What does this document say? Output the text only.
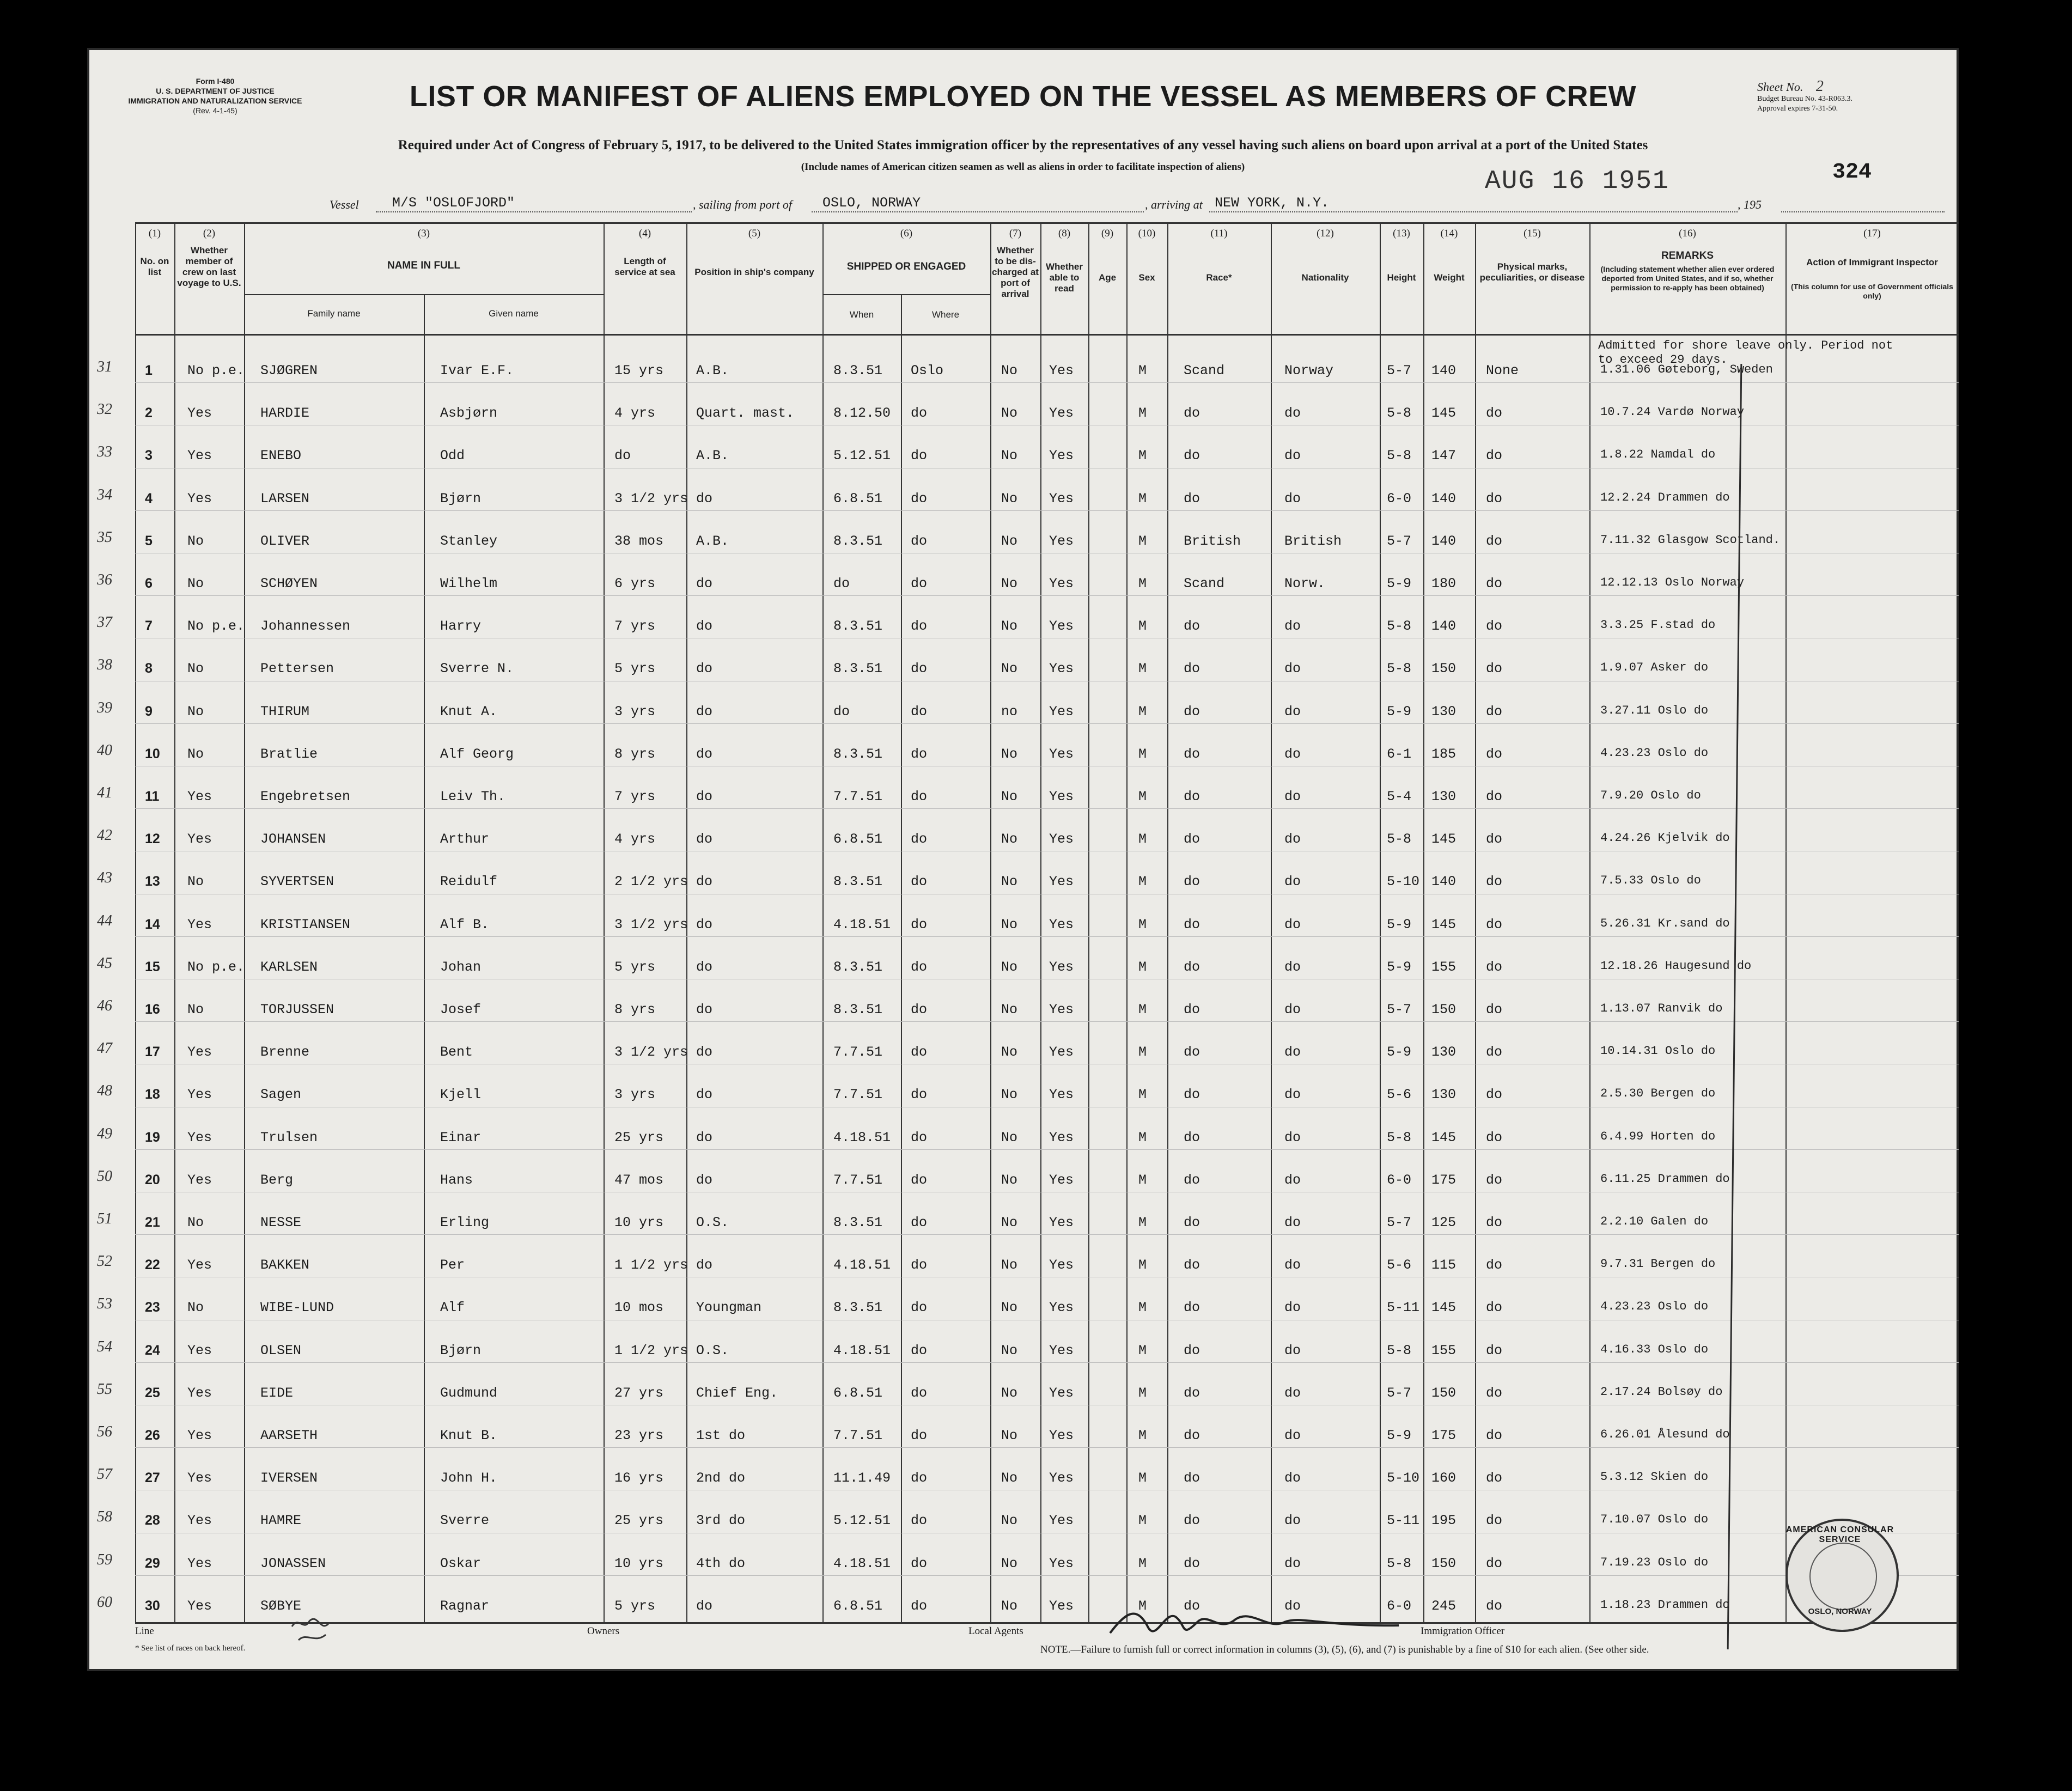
Form I-480
U. S. DEPARTMENT OF JUSTICE
IMMIGRATION AND NATURALIZATION SERVICE
(Rev. 4-1-45)	LIST OR MANIFEST OF ALIENS EMPLOYED ON THE VESSEL AS MEMBERS OF CREW	Sheet No. 2
Budget Bureau No. 43-R063.3.
Approval expires 7-31-50.
Required under Act of Congress of February 5, 1917, to be delivered to the United States immigration officer by the representatives of any vessel having such aliens on board upon arrival at a port of the United States
(Include names of American citizen seamen as well as aliens in order to facilitate inspection of aliens)	AUG 16 1951	324
Vessel M/S "OSLOFJORD"	, sailing from port of OSLO, NORWAY	, arriving at NEW YORK, N.Y.	, 195
(1)	(2)	(3)	(4)	(5)	(6)	(7)	(8)	(9)	(10)	(11)	(12)	(13)	(14)	(15)	(16)	(17)
No. on list
Whether member of crew on last voyage to U.S.
NAME IN FULL
Family name	Given name
Length of service at sea	Position in ship's company	SHIPPED OR ENGAGED
When	Where
Whether to be dis-charged at port of arrival
Whether able to read
Age	Sex	Race*	Nationality	Height	Weight
Physical marks, peculiarities, or disease
REMARKS
(Including statement whether alien ever ordered deported from United States, and if so, whether permission to re-apply has been obtained)
Action of Immigrant Inspector
(This column for use of Government officials only)
Admitted for shore leave only. Period not to exceed 29 days.
31 1	No p.e. SJØGREN	Ivar E.F.	15 yrs A.B.	8.3.51 Oslo	No Yes	M	Scand	Norway	5-7 140 None	1.31.06 Gøteborg, Sweden
32 2	Yes	HARDIE	Asbjørn	4 yrs	Quart. mast.	8.12.50 do	No Yes	M	do	do	5-8 145 do	10.7.24 Vardø Norway
33 3	Yes	ENEBO	Odd	do	A.B.	5.12.51 do	No Yes	M	do	do	5-8 147 do	1.8.22 Namdal do
34 4	Yes	LARSEN	Bjørn	3 1/2 yrs do	6.8.51 do	No Yes	M	do	do	6-0 140 do	12.2.24 Drammen do
35 5	No	OLIVER	Stanley	38 mos A.B.	8.3.51 do	No Yes	M	British	British	5-7 140 do	7.11.32 Glasgow Scotland.
36 6	No	SCHØYEN	Wilhelm	6 yrs	do	do	do	No Yes	M	Scand	Norw.	5-9 180 do	12.12.13 Oslo Norway
37 7	No p.e. Johannessen	Harry	7 yrs	do	8.3.51 do	No Yes	M	do	do	5-8 140 do	3.3.25 F.stad do
38 8	No	Pettersen	Sverre N.	5 yrs	do	8.3.51 do	No Yes	M	do	do	5-8 150 do	1.9.07 Asker do
39 9	No	THIRUM	Knut A.	3 yrs	do	do	do	no Yes	M	do	do	5-9 130 do	3.27.11 Oslo do
40 10 No	Bratlie	Alf Georg	8 yrs	do	8.3.51 do	No Yes	M	do	do	6-1 185 do	4.23.23 Oslo do
41 11 Yes	Engebretsen	Leiv Th.	7 yrs	do	7.7.51 do	No Yes	M	do	do	5-4 130 do	7.9.20 Oslo do
42 12 Yes	JOHANSEN	Arthur	4 yrs	do	6.8.51 do	No Yes	M	do	do	5-8 145 do	4.24.26 Kjelvik do
43 13 No	SYVERTSEN	Reidulf	2 1/2 yrs do	8.3.51 do	No Yes	M	do	do	5-10 140 do	7.5.33 Oslo do
44 14 Yes	KRISTIANSEN	Alf B.	3 1/2 yrs do	4.18.51 do	No Yes	M	do	do	5-9 145 do	5.26.31 Kr.sand do
45 15 No p.e. KARLSEN	Johan	5 yrs	do	8.3.51 do	No Yes	M	do	do	5-9 155 do	12.18.26 Haugesund do
46 16 No	TORJUSSEN	Josef	8 yrs	do	8.3.51 do	No Yes	M	do	do	5-7 150 do	1.13.07 Ranvik do
47 17 Yes	Brenne	Bent	3 1/2 yrs do	7.7.51 do	No Yes	M	do	do	5-9 130 do	10.14.31 Oslo do
48 18 Yes	Sagen	Kjell	3 yrs	do	7.7.51 do	No Yes	M	do	do	5-6 130 do	2.5.30 Bergen do
49 19 Yes	Trulsen	Einar	25 yrs do	4.18.51 do	No Yes	M	do	do	5-8 145 do	6.4.99 Horten do
50 20 Yes	Berg	Hans	47 mos do	7.7.51 do	No Yes	M	do	do	6-0 175 do	6.11.25 Drammen do
51 21 No	NESSE	Erling	10 yrs O.S.	8.3.51 do	No Yes	M	do	do	5-7 125 do	2.2.10 Galen do
52 22 Yes	BAKKEN	Per	1 1/2 yrs do	4.18.51 do	No Yes	M	do	do	5-6 115 do	9.7.31 Bergen do
53 23 No	WIBE-LUND	Alf	10 mos Youngman	8.3.51 do	No Yes	M	do	do	5-11 145 do	4.23.23 Oslo do
54 24 Yes	OLSEN	Bjørn	1 1/2 yrs O.S.	4.18.51 do	No Yes	M	do	do	5-8 155 do	4.16.33 Oslo do
55 25 Yes	EIDE	Gudmund	27 yrs Chief Eng.	6.8.51 do	No Yes	M	do	do	5-7 150 do	2.17.24 Bolsøy do
56 26 Yes	AARSETH	Knut B.	23 yrs 1st do	7.7.51 do	No Yes	M	do	do	5-9 175 do	6.26.01 Ålesund do
57 27 Yes	IVERSEN	John H.	16 yrs 2nd do	11.1.49 do	No Yes	M	do	do	5-10 160 do	5.3.12 Skien do
58 28 Yes	HAMRE	Sverre	25 yrs 3rd do	5.12.51 do	No Yes	M	do	do	5-11 195 do	7.10.07 Oslo do
59 29 Yes	JONASSEN	Oskar	10 yrs 4th do	4.18.51 do	No Yes	M	do	do	5-8 150 do	7.19.23 Oslo do
60 30 Yes	SØBYE	Ragnar	5 yrs	do	6.8.51 do	No Yes	M	do	do	6-0 245 do	1.18.23 Drammen do
Line	Owners	Local Agents	Immigration Officer
* See list of races on back hereof.	NOTE.—Failure to furnish full or correct information in columns (3), (5), (6), and (7) is punishable by a fine of $10 for each alien. (See other side.
AMERICAN CONSULAR SERVICE
OSLO, NORWAY
